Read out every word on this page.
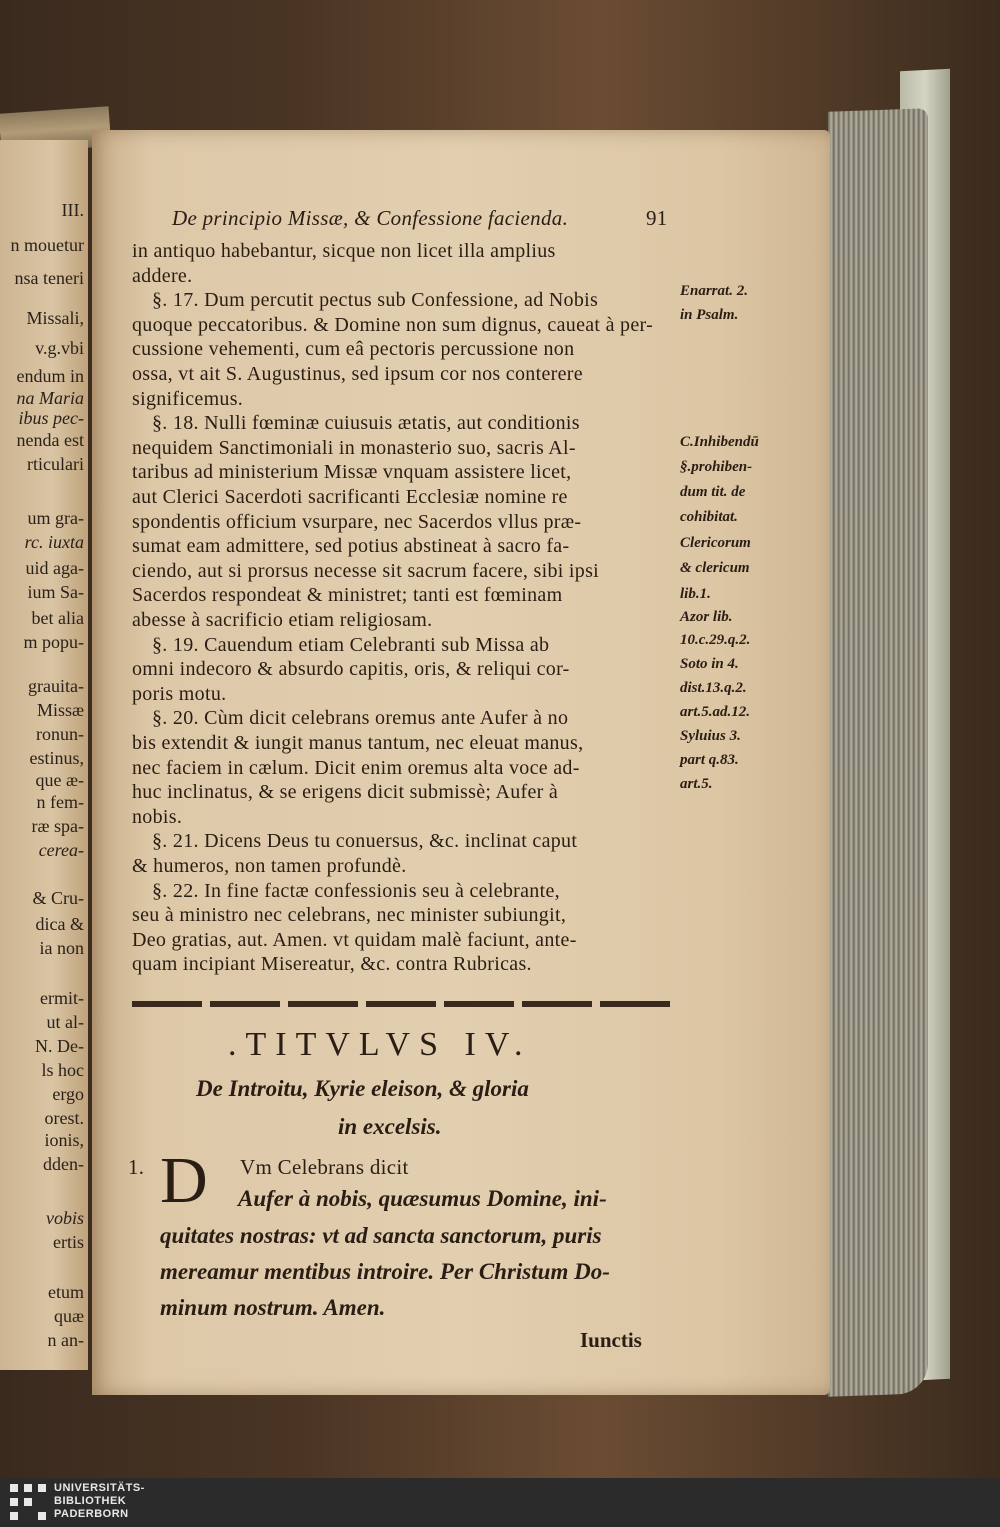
III.
n mouetur
nsa teneri
Missali,
v.g.vbi
endum in
na Maria
ibus pec-
nenda est
rticulari
um gra-
rc. iuxta
uid aga-
ium Sa-
bet alia
m popu-
grauita-
Missæ
ronun-
estinus,
que æ-
n fem-
ræ spa-
cerea-
& Cru-
dica &
ia non
ermit-
ut al-
N. De-
ls hoc
ergo
orest.
ionis,
dden-
vobis
ertis
etum
quæ
n an-
De principio Missæ, & Confessione facienda.	91
in antiquo habebantur, sicque non licet illa amplius
addere.
§. 17. Dum percutit pectus sub Confessione, ad Nobis
quoque peccatoribus. & Domine non sum dignus, caueat à per-
cussione vehementi, cum eâ pectoris percussione non
ossa, vt ait S. Augustinus, sed ipsum cor nos conterere
significemus.
§. 18. Nulli fœminæ cuiusuis ætatis, aut conditionis
nequidem Sanctimoniali in monasterio suo, sacris Al-
taribus ad ministerium Missæ vnquam assistere licet,
aut Clerici Sacerdoti sacrificanti Ecclesiæ nomine re
spondentis officium vsurpare, nec Sacerdos vllus præ-
sumat eam admittere, sed potius abstineat à sacro fa-
ciendo, aut si prorsus necesse sit sacrum facere, sibi ipsi
Sacerdos respondeat & ministret; tanti est fœminam
abesse à sacrificio etiam religiosam.
§. 19. Cauendum etiam Celebranti sub Missa ab
omni indecoro & absurdo capitis, oris, & reliqui cor-
poris motu.
§. 20. Cùm dicit celebrans oremus ante Aufer à no
bis extendit & iungit manus tantum, nec eleuat manus,
nec faciem in cælum. Dicit enim oremus alta voce ad-
huc inclinatus, & se erigens dicit submissè; Aufer à
nobis.
§. 21. Dicens Deus tu conuersus, &c. inclinat caput
& humeros, non tamen profundè.
§. 22. In fine factæ confessionis seu à celebrante,
seu à ministro nec celebrans, nec minister subiungit,
Deo gratias, aut. Amen. vt quidam malè faciunt, ante-
quam incipiant Misereatur, &c. contra Rubricas.
Enarrat. 2.
in Psalm.
C.Inhibendū
§.prohiben-
dum tit. de
cohibitat.
Clericorum
& clericum
lib.1.
Azor lib.
10.c.29.q.2.
Soto in 4.
dist.13.q.2.
art.5.ad.12.
Syluius 3.
part q.83.
art.5.
.TITVLVS IV.
De Introitu, Kyrie eleison, & gloria
in excelsis.
1. D Vm Celebrans dicit
Aufer à nobis, quæsumus Domine, ini-
quitates nostras: vt ad sancta sanctorum, puris
mereamur mentibus introire. Per Christum Do-
minum nostrum. Amen.
Iunctis
UNIVERSITÄTS-
BIBLIOTHEK
PADERBORN
